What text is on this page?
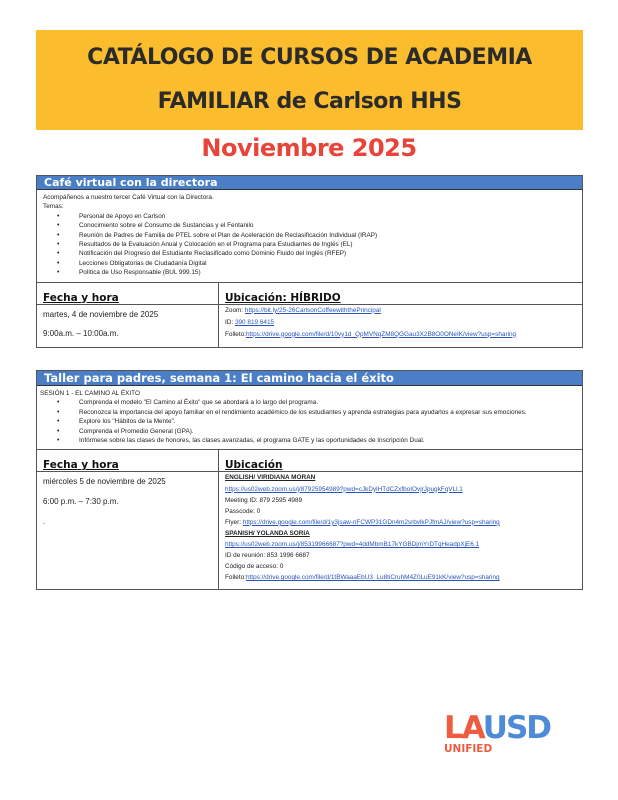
CATÁLOGO DE CURSOS DE ACADEMIA
FAMILIAR de Carlson HHS
Noviembre 2025
Café virtual con la directora
Acompáñenos a nuestro tercer Café Virtual con la Directora.
Temas:
• Personal de Apoyo en Carlson
• Conocimiento sobre el Consumo de Sustancias y el Fentanilo
• Reunión de Padres de Familia de PTEL sobre el Plan de Aceleración de Reclasificación Individual (IRAP)
• Resultados de la Evaluación Anual y Colocación en el Programa para Estudiantes de Inglés (EL)
• Notificación del Progreso del Estudiante Reclasificado como Dominio Fluido del Inglés (RFEP)
• Lecciones Obligatorias de Ciudadanía Digital
• Política de Uso Responsable (BUL 999.15)
Fecha y hora	Ubicación: HÍBRIDO
martes, 4 de noviembre de 2025
9:00a.m. – 10:00a.m.
Zoom: https://bit.ly/25-26CarlsonCoffeewiththePrincipal
ID: 390 819 6415
Folleto:https://drive.google.com/file/d/10vy1d_QpMVNqZM8QGGau3X2B8O0ONeIK/view?usp=sharing
Taller para padres, semana 1: El camino hacia el éxito
SESIÓN 1 - EL CAMINO AL ÉXITO
• Comprenda el modelo "El Camino al Éxito" que se abordará a lo largo del programa.
• Reconozca la importancia del apoyo familiar en el rendimiento académico de los estudiantes y aprenda estrategias para ayudarlos a expresar sus emociones.
• Explore los "Hábitos de la Mente".
• Comprenda el Promedio General (GPA).
• Infórmese sobre las clases de honores, las clases avanzadas, el programa GATE y las oportunidades de Inscripción Dual.
Fecha y hora	Ubicación
miércoles 5 de noviembre de 2025
6:00 p.m. – 7:30 p.m.
.
ENGLISH/ VIRIDIANA MORAN
https://us02web.zoom.us/j/87925954989?pwd=cJkDylHTdCZxfboIOvjrJpugkFqVLl.1
Meeting ID: 879 2595 4989
Passcode: 0
Flyer: https://drive.google.com/file/d/1y3jsaw-nFCWP31GDn4m2srbvlkPJfmAJ/view?usp=sharing
SPANISH/ YOLANDA SORIA
https://us02web.zoom.us/j/85319966687?pwd=4ddMbmB17kYGBDjmYrDTqHeadpXjE6.1
ID de reunión: 853 1996 6687
Código de acceso: 0
Folleto:https://drive.google.com/file/d/1tBWaaaEbU3_Lu8tiCruhM4Z0LuE91kK/view?usp=sharing
LAUSD
UNIFIED
